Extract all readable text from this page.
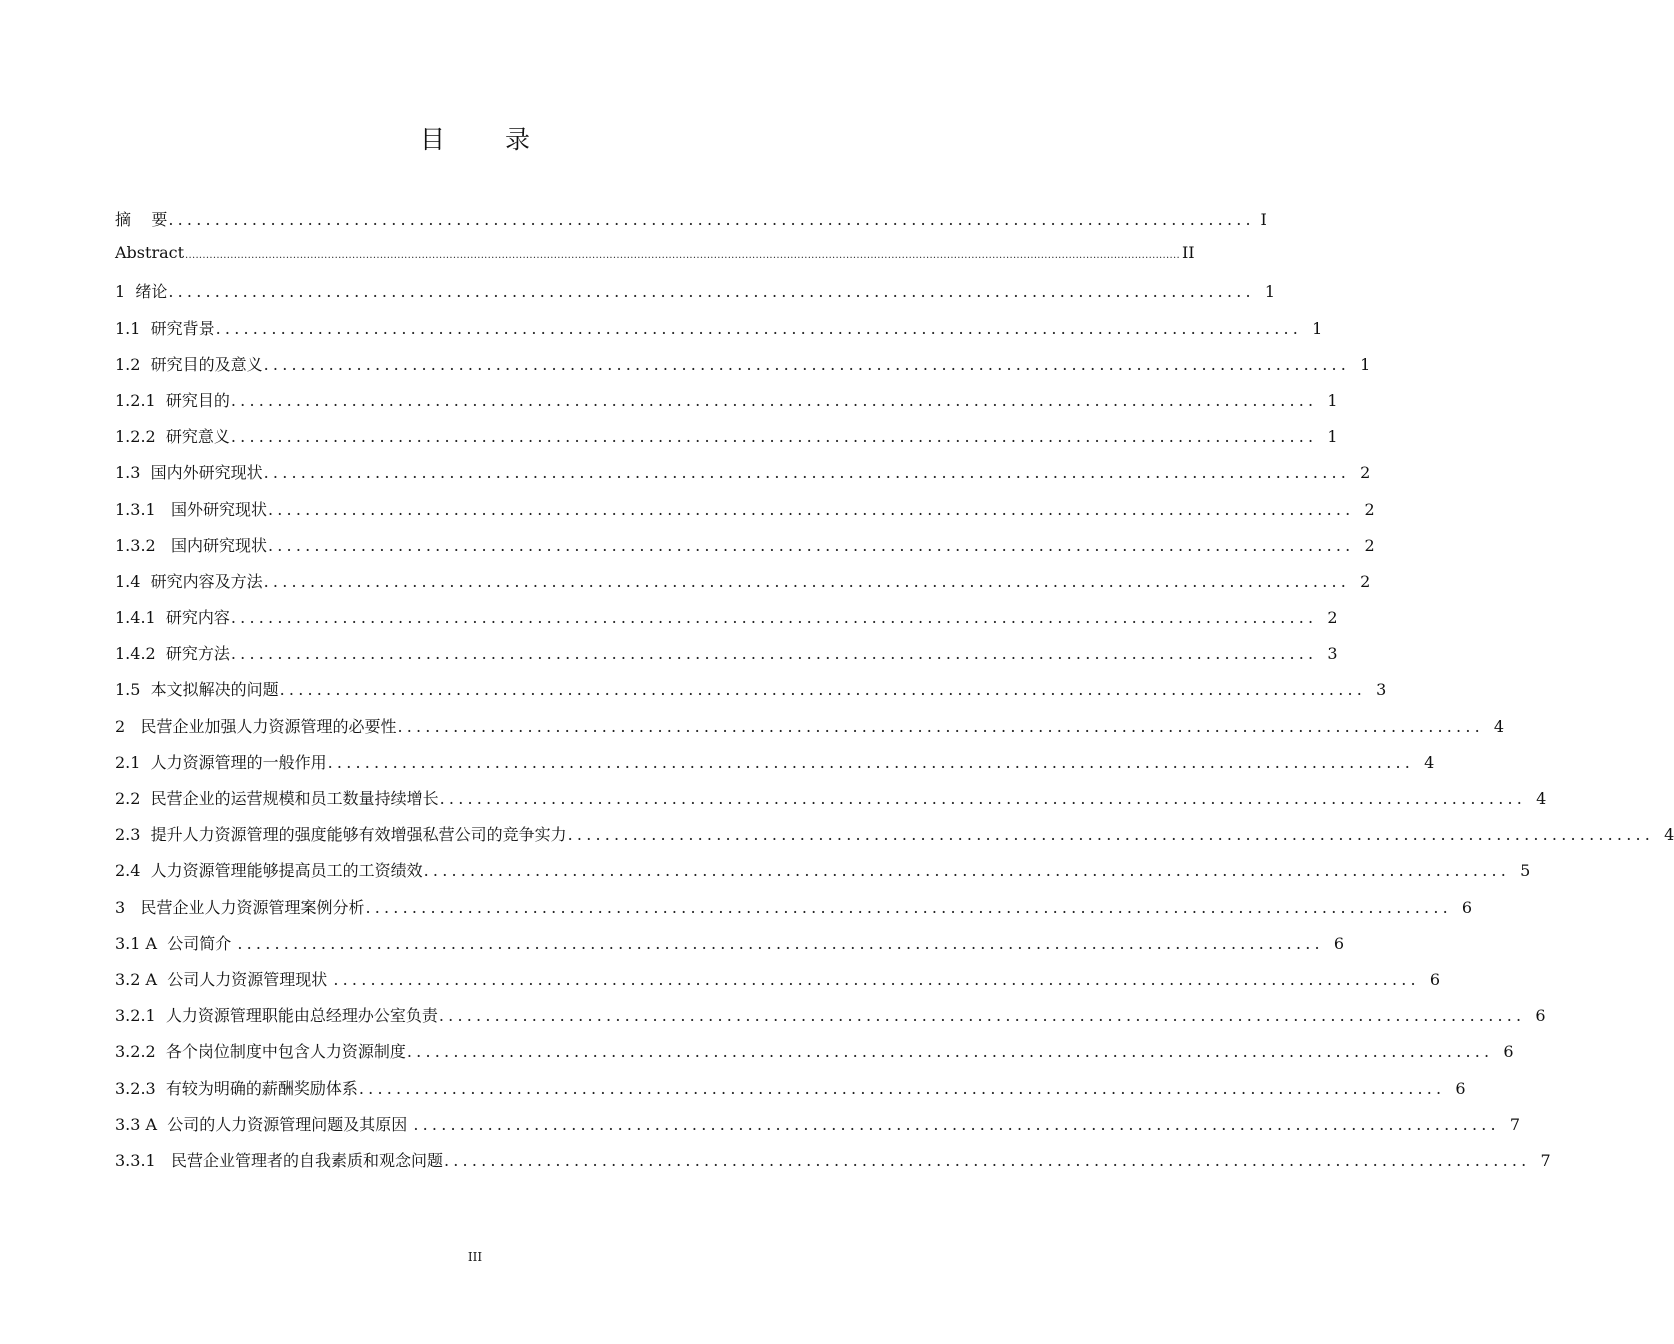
目 录
摘    要 ..................................................................................................................... I
Abstract .............................................................................................................................................................................................................................................................................................. II
1  绪论 ..................................................................................................................... 1
1.1  研究背景 ..................................................................................................................... 1
1.2  研究目的及意义 ..................................................................................................................... 1
1.2.1  研究目的 ..................................................................................................................... 1
1.2.2  研究意义 ..................................................................................................................... 1
1.3  国内外研究现状 ..................................................................................................................... 2
1.3.1   国外研究现状 ..................................................................................................................... 2
1.3.2   国内研究现状 ..................................................................................................................... 2
1.4  研究内容及方法 ..................................................................................................................... 2
1.4.1  研究内容 ..................................................................................................................... 2
1.4.2  研究方法 ..................................................................................................................... 3
1.5  本文拟解决的问题 ..................................................................................................................... 3
2   民营企业加强人力资源管理的必要性 ..................................................................................................................... 4
2.1  人力资源管理的一般作用 ..................................................................................................................... 4
2.2  民营企业的运营规模和员工数量持续增长 ..................................................................................................................... 4
2.3  提升人力资源管理的强度能够有效增强私营公司的竞争实力 ..................................................................................................................... 4
2.4  人力资源管理能够提高员工的工资绩效 ..................................................................................................................... 5
3   民营企业人力资源管理案例分析 ..................................................................................................................... 6
3.1 A  公司简介 ..................................................................................................................... 6
3.2 A  公司人力资源管理现状 ..................................................................................................................... 6
3.2.1  人力资源管理职能由总经理办公室负责 ..................................................................................................................... 6
3.2.2  各个岗位制度中包含人力资源制度 ..................................................................................................................... 6
3.2.3  有较为明确的薪酬奖励体系 ..................................................................................................................... 6
3.3 A  公司的人力资源管理问题及其原因 ..................................................................................................................... 7
3.3.1   民营企业管理者的自我素质和观念问题 ..................................................................................................................... 7
III
